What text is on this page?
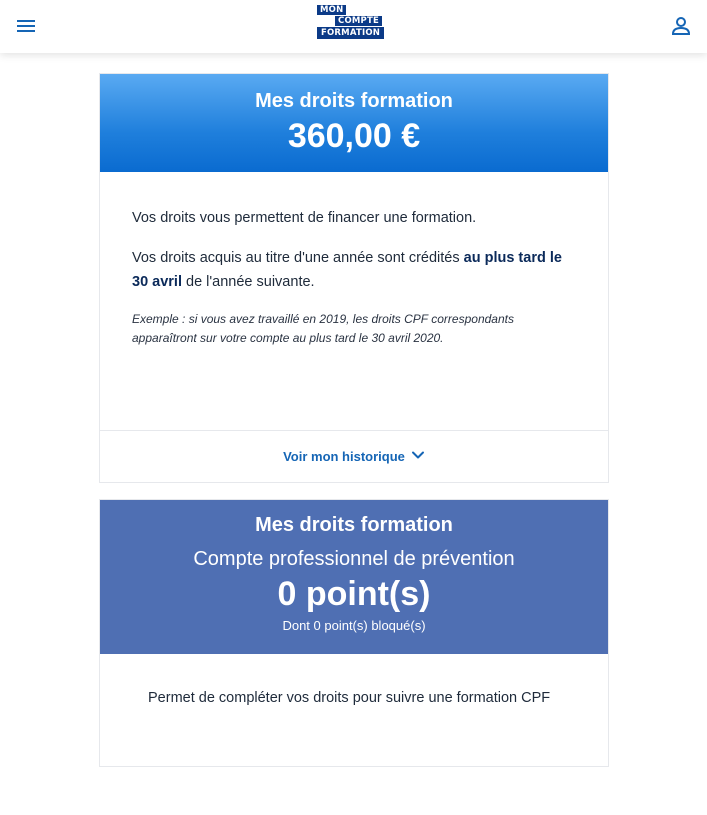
MON
COMPTE
FORMATION
Mes droits formation
360,00 €

Vos droits vous permettent de financer une formation.

Vos droits acquis au titre d'une année sont crédités au plus tard le 30 avril de l'année suivante.

Exemple : si vous avez travaillé en 2019, les droits CPF correspondants apparaîtront sur votre compte au plus tard le 30 avril 2020.

Voir mon historique
Mes droits formation
Compte professionnel de prévention
0 point(s)
Dont 0 point(s) bloqué(s)

Permet de compléter vos droits pour suivre une formation CPF
